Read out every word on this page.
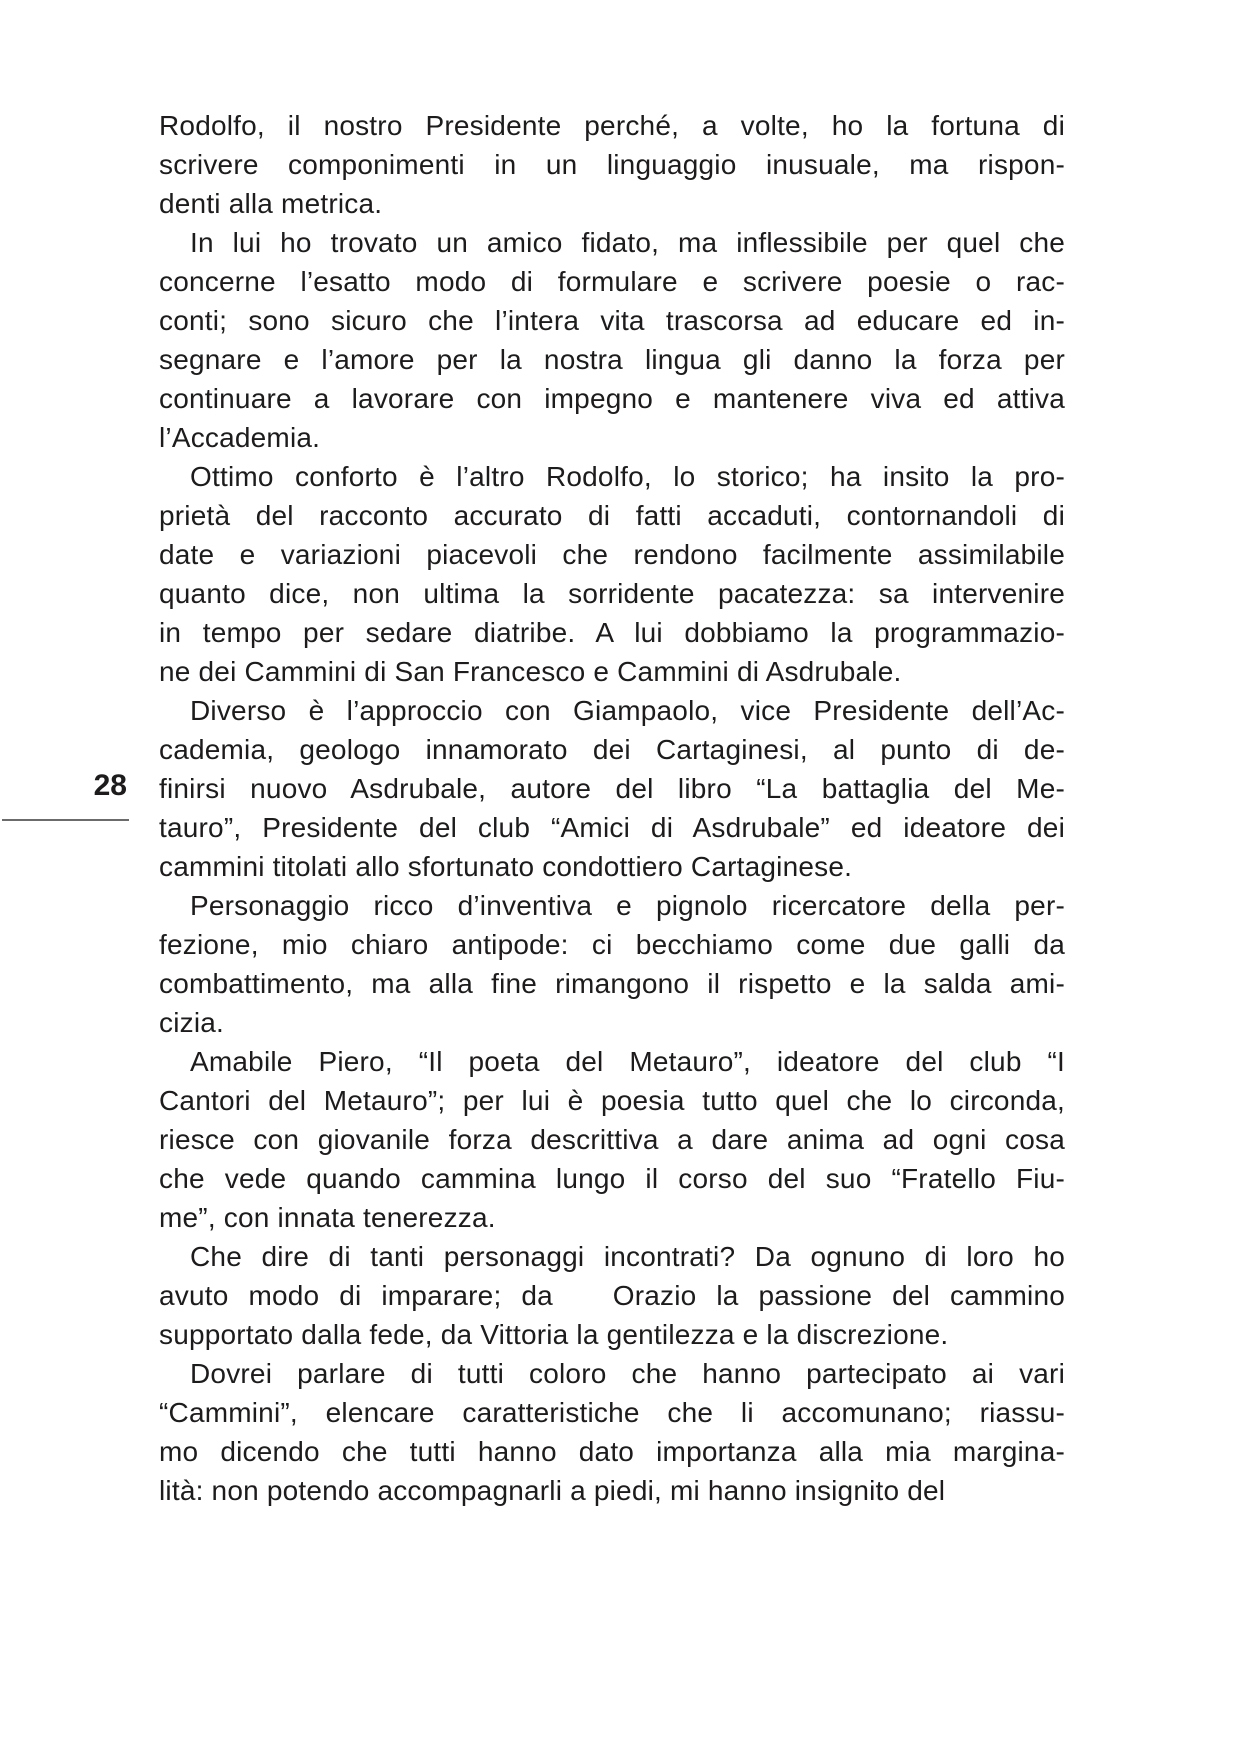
28
Rodolfo, il nostro Presidente perché, a volte, ho la fortuna di
scrivere componimenti in un linguaggio inusuale, ma rispon-
denti alla metrica.
In lui ho trovato un amico fidato, ma inflessibile per quel che
concerne l’esatto modo di formulare e scrivere poesie o rac-
conti; sono sicuro che l’intera vita trascorsa ad educare ed in-
segnare e l’amore per la nostra lingua gli danno la forza per
continuare a lavorare con impegno e mantenere viva ed attiva
l’Accademia.
Ottimo conforto è l’altro Rodolfo, lo storico; ha insito la pro-
prietà del racconto accurato di fatti accaduti, contornandoli di
date e variazioni piacevoli che rendono facilmente assimilabile
quanto dice, non ultima la sorridente pacatezza: sa intervenire
in tempo per sedare diatribe. A lui dobbiamo la programmazio-
ne dei Cammini di San Francesco e Cammini di Asdrubale.
Diverso è l’approccio con Giampaolo, vice Presidente dell’Ac-
cademia, geologo innamorato dei Cartaginesi, al punto di de-
finirsi nuovo Asdrubale, autore del libro “La battaglia del Me-
tauro”, Presidente del club “Amici di Asdrubale” ed ideatore dei
cammini titolati allo sfortunato condottiero Cartaginese.
Personaggio ricco d’inventiva e pignolo ricercatore della per-
fezione, mio chiaro antipode: ci becchiamo come due galli da
combattimento, ma alla fine rimangono il rispetto e la salda ami-
cizia.
Amabile Piero, “Il poeta del Metauro”, ideatore del club “I
Cantori del Metauro”; per lui è poesia tutto quel che lo circonda,
riesce con giovanile forza descrittiva a dare anima ad ogni cosa
che vede quando cammina lungo il corso del suo “Fratello Fiu-
me”, con innata tenerezza.
Che dire di tanti personaggi incontrati? Da ognuno di loro ho
avuto modo di imparare; da   Orazio la passione del cammino
supportato dalla fede, da Vittoria la gentilezza e la discrezione.
Dovrei parlare di tutti coloro che hanno partecipato ai vari
“Cammini”, elencare caratteristiche che li accomunano; riassu-
mo dicendo che tutti hanno dato importanza alla mia margina-
lità: non potendo accompagnarli a piedi, mi hanno insignito del
